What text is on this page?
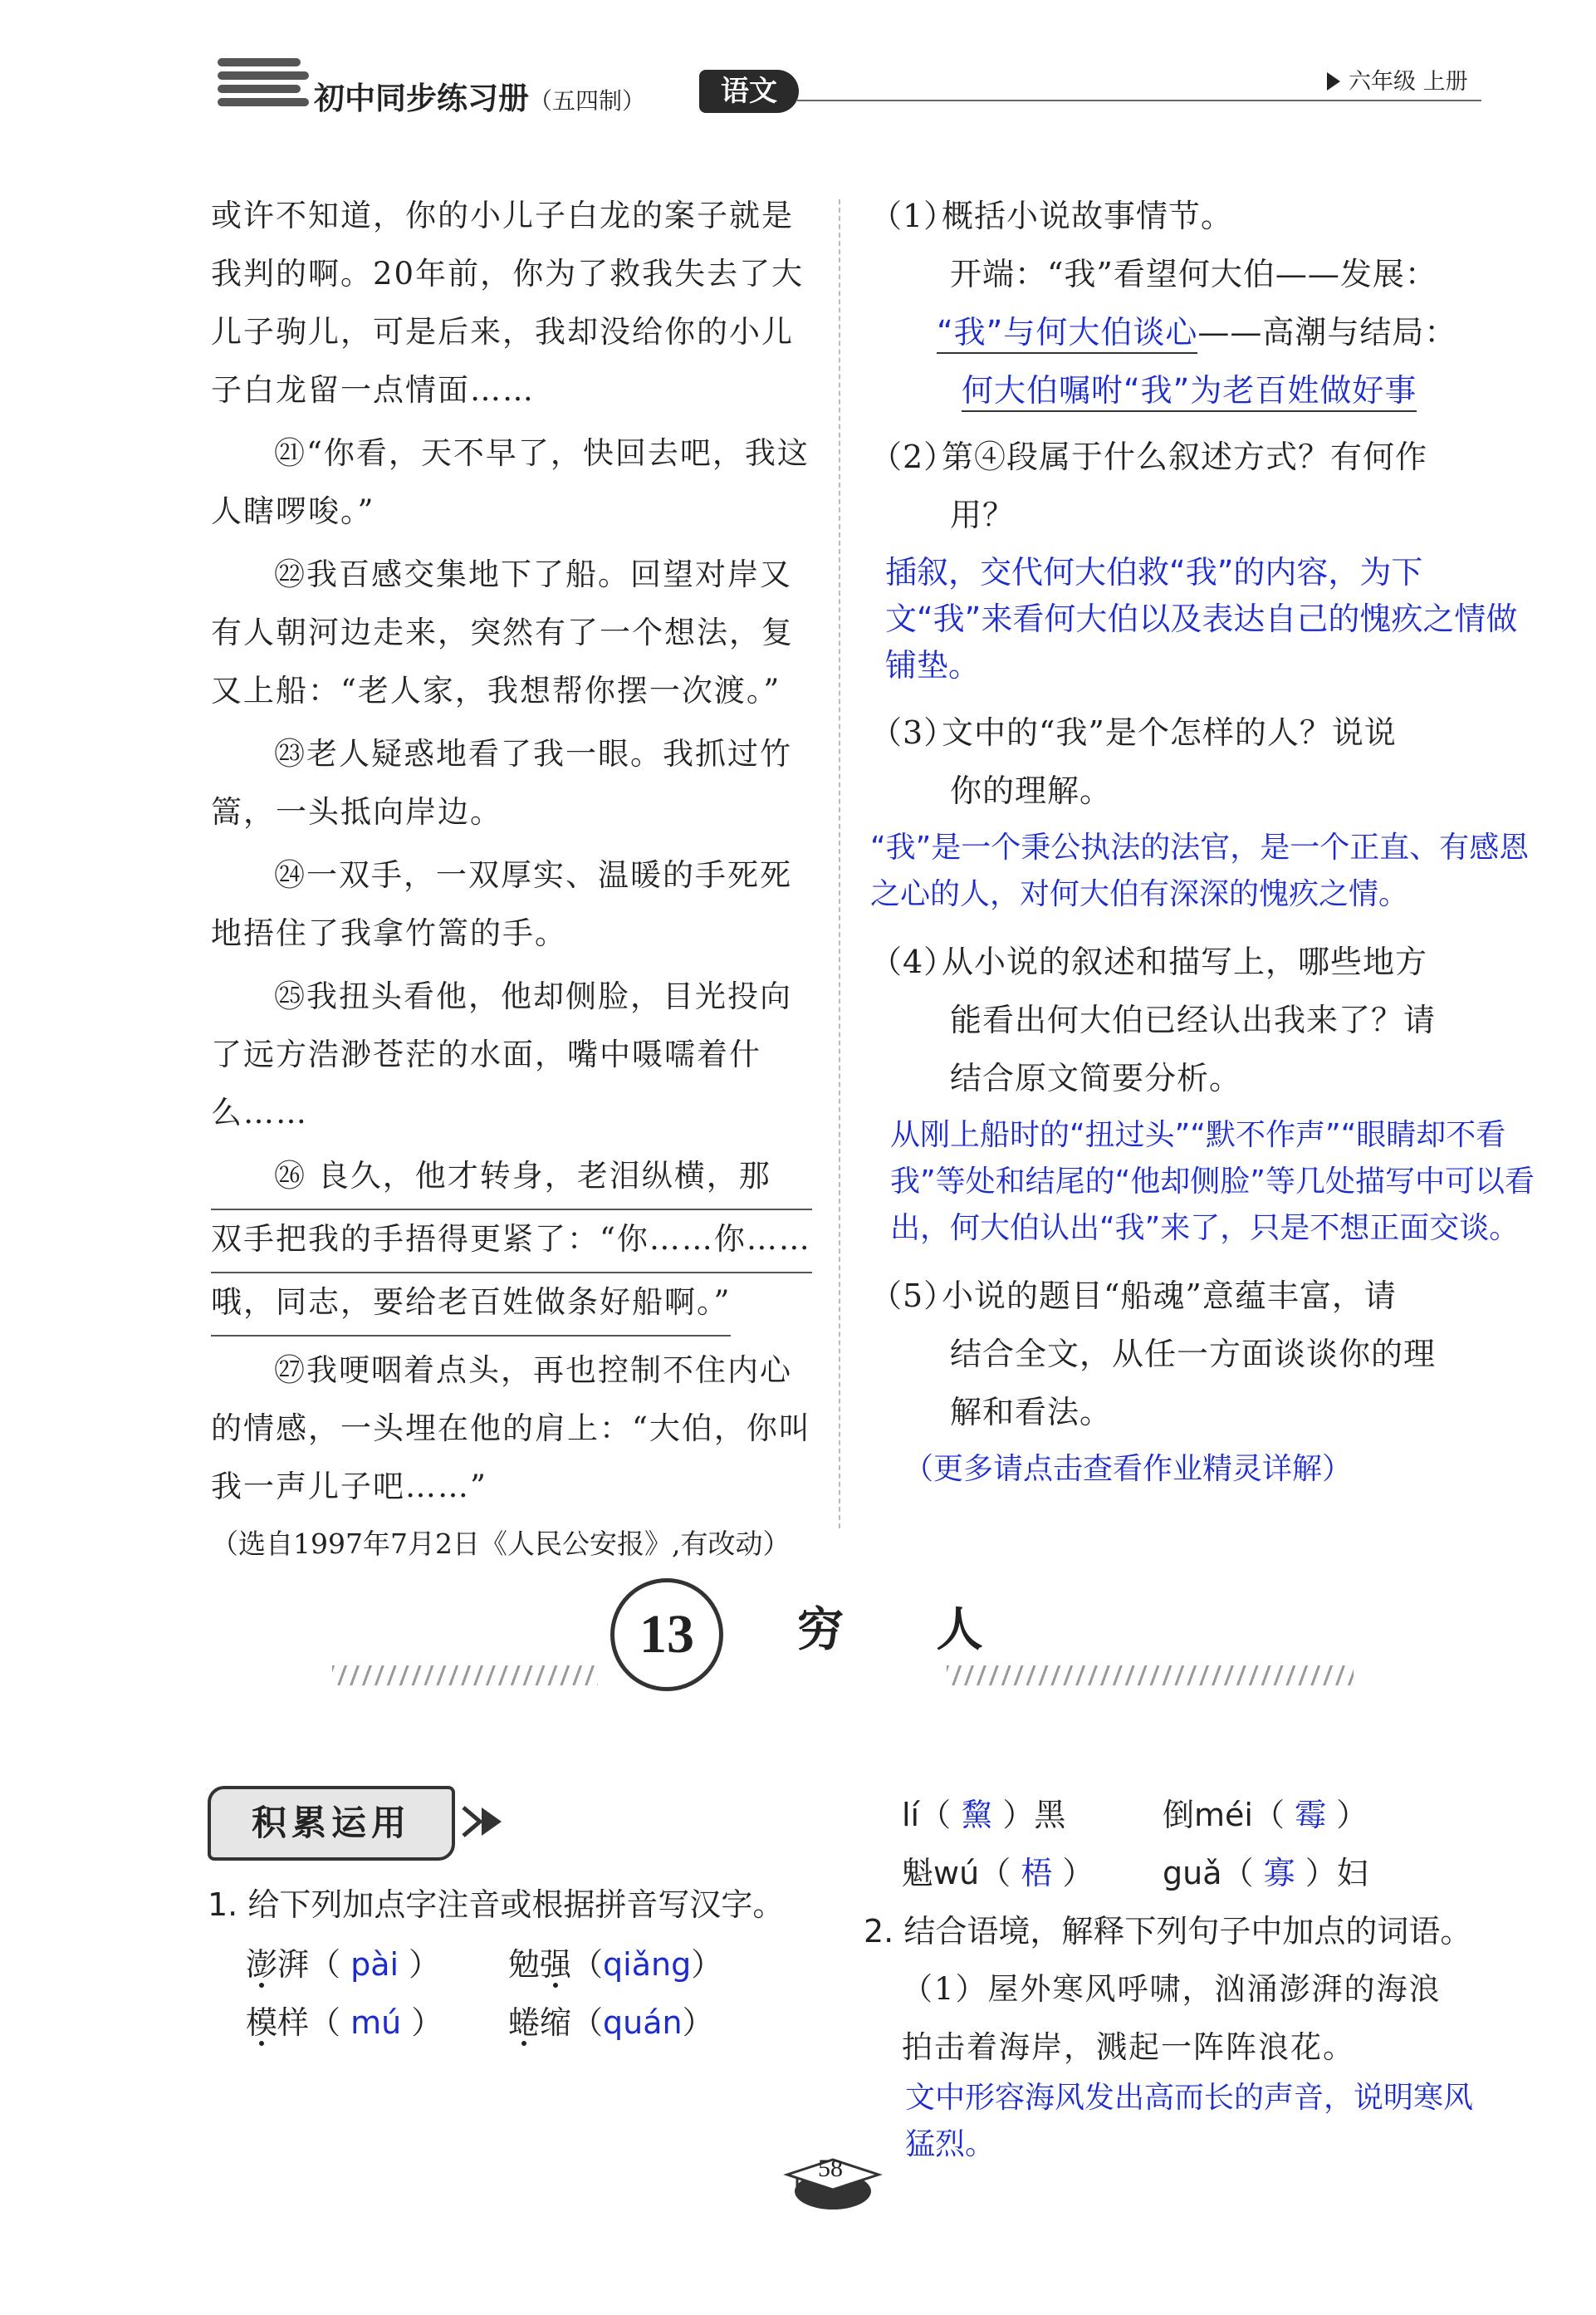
初中同步练习册（五四制）	语文	六年级 上册

或许不知道，你的小儿子白龙的案子就是我判的啊。20年前，你为了救我失去了大儿子驹儿，可是后来，我却没给你的小儿子白龙留一点情面……

㉑“你看，天不早了，快回去吧，我这人瞎啰唆。”

㉒我百感交集地下了船。回望对岸又有人朝河边走来，突然有了一个想法，复又上船：“老人家，我想帮你摆一次渡。”

㉓老人疑惑地看了我一眼。我抓过竹篙，一头抵向岸边。

㉔一双手，一双厚实、温暖的手死死地捂住了我拿竹篙的手。

㉕我扭头看他，他却侧脸，目光投向了远方浩渺苍茫的水面，嘴中嗫嚅着什么……

㉖ 良久，他才转身，老泪纵横，那
双手把我的手捂得更紧了：“你……你……
哦，同志，要给老百姓做条好船啊。”

㉗我哽咽着点头，再也控制不住内心的情感，一头埋在他的肩上：“大伯，你叫我一声儿子吧……”

（选自1997年7月2日《人民公安报》,有改动）

（1）概括小说故事情节。

开端：“我”看望何大伯——发展：

“我”与何大伯谈心——高潮与结局：

何大伯嘱咐“我”为老百姓做好事

（2）第④段属于什么叙述方式？有何作

用？

插叙，交代何大伯救“我”的内容，为下文“我”来看何大伯以及表达自己的愧疚之情做铺垫。

（3）文中的“我”是个怎样的人？说说

你的理解。

“我”是一个秉公执法的法官，是一个正直、有感恩之心的人，对何大伯有深深的愧疚之情。

（4）从小说的叙述和描写上，哪些地方

能看出何大伯已经认出我来了？请

结合原文简要分析。

从刚上船时的“扭过头”“默不作声”“眼睛却不看我”等处和结尾的“他却侧脸”等几处描写中可以看出，何大伯认出“我”来了，只是不想正面交谈。

（5）小说的题目“船魂”意蕴丰富，请

结合全文，从任一方面谈谈你的理

解和看法。

（更多请点击查看作业精灵详解）
13	穷 人
积累运用
1. 给下列加点字注音或根据拼音写汉字。
澎湃（ pài ） 勉强（qiǎng）
模样（ mú ） 蜷缩（quán）
lí（ 黧 ）黑	倒méi（ 霉 ）
魁wú（ 梧 ） guǎ（ 寡 ）妇
2. 结合语境，解释下列句子中加点的词语。
（1）屋外寒风呼啸，汹涌澎湃的海浪
拍击着海岸，溅起一阵阵浪花。
文中形容海风发出高而长的声音，说明寒风猛烈。
58
